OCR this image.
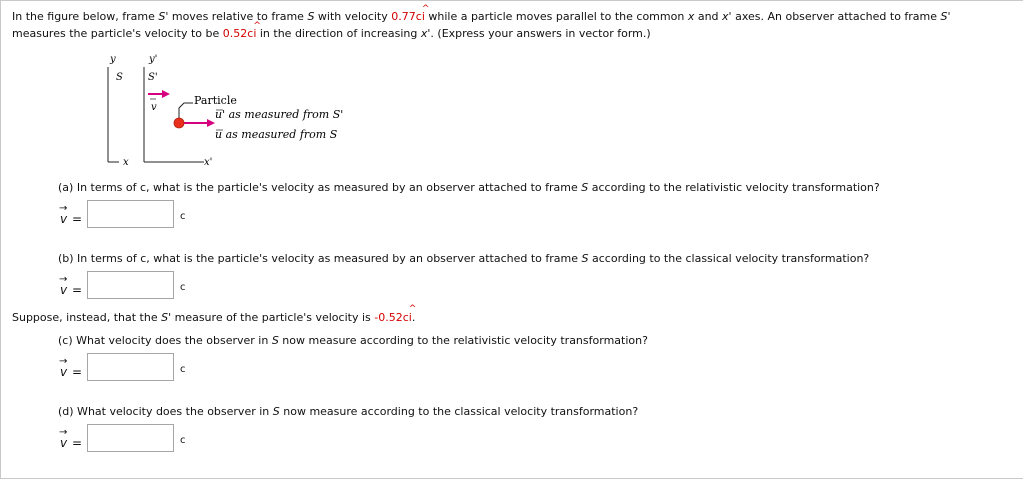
In the figure below, frame S' moves relative to frame S with velocity 0.77c^ i while a particle moves parallel to the common x and x' axes. An observer attached to frame S'
measures the particle's velocity to be 0.52c^ i in the direction of increasing x'. (Express your answers in vector form.)
y	y'
x
S
x'
S'
v
Particle
u' as measured from S'
u as measured from S
(a) In terms of c, what is the particle's velocity as measured by an observer attached to frame S according to the relativistic velocity transformation?
→
v =	c
(b) In terms of c, what is the particle's velocity as measured by an observer attached to frame S according to the classical velocity transformation?
→
v =	c
Suppose, instead, that the S' measure of the particle's velocity is -0.52c^ i.
(c) What velocity does the observer in S now measure according to the relativistic velocity transformation?
→
v =	c
(d) What velocity does the observer in S now measure according to the classical velocity transformation?
→
v =	c
